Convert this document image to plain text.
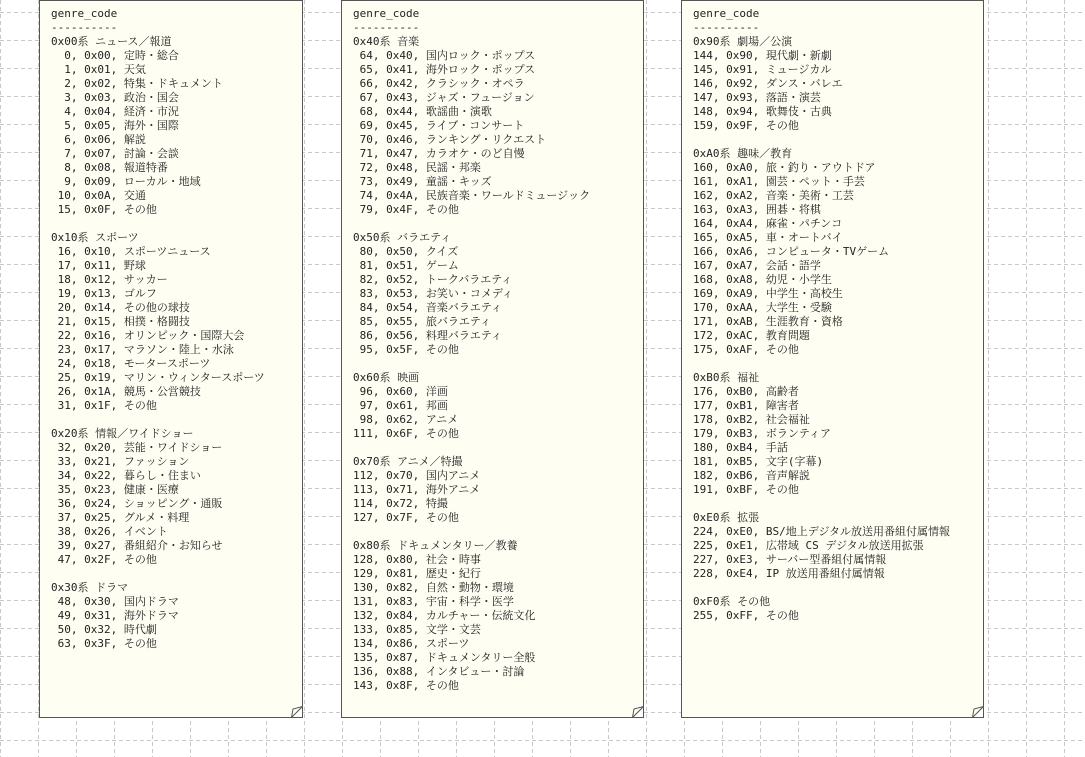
genre_code
----------
0x00系 ニュース／報道
0, 0x00, 定時・総合
1, 0x01, 天気
2, 0x02, 特集・ドキュメント
3, 0x03, 政治・国会
4, 0x04, 経済・市況
5, 0x05, 海外・国際
6, 0x06, 解説
7, 0x07, 討論・会談
8, 0x08, 報道特番
9, 0x09, ローカル・地域
10, 0x0A, 交通
15, 0x0F, その他
0x10系 スポーツ
16, 0x10, スポーツニュース
17, 0x11, 野球
18, 0x12, サッカー
19, 0x13, ゴルフ
20, 0x14, その他の球技
21, 0x15, 相撲・格闘技
22, 0x16, オリンピック・国際大会
23, 0x17, マラソン・陸上・水泳
24, 0x18, モータースポーツ
25, 0x19, マリン・ウィンタースポーツ
26, 0x1A, 競馬・公営競技
31, 0x1F, その他
0x20系 情報／ワイドショー
32, 0x20, 芸能・ワイドショー
33, 0x21, ファッション
34, 0x22, 暮らし・住まい
35, 0x23, 健康・医療
36, 0x24, ショッピング・通販
37, 0x25, グルメ・料理
38, 0x26, イベント
39, 0x27, 番組紹介・お知らせ
47, 0x2F, その他
0x30系 ドラマ
48, 0x30, 国内ドラマ
49, 0x31, 海外ドラマ
50, 0x32, 時代劇
63, 0x3F, その他
genre_code
----------
0x40系 音楽
64, 0x40, 国内ロック・ポップス
65, 0x41, 海外ロック・ポップス
66, 0x42, クラシック・オペラ
67, 0x43, ジャズ・フュージョン
68, 0x44, 歌謡曲・演歌
69, 0x45, ライブ・コンサート
70, 0x46, ランキング・リクエスト
71, 0x47, カラオケ・のど自慢
72, 0x48, 民謡・邦楽
73, 0x49, 童謡・キッズ
74, 0x4A, 民族音楽・ワールドミュージック
79, 0x4F, その他
0x50系 バラエティ
80, 0x50, クイズ
81, 0x51, ゲーム
82, 0x52, トークバラエティ
83, 0x53, お笑い・コメディ
84, 0x54, 音楽バラエティ
85, 0x55, 旅バラエティ
86, 0x56, 料理バラエティ
95, 0x5F, その他
0x60系 映画
96, 0x60, 洋画
97, 0x61, 邦画
98, 0x62, アニメ
111, 0x6F, その他
0x70系 アニメ／特撮
112, 0x70, 国内アニメ
113, 0x71, 海外アニメ
114, 0x72, 特撮
127, 0x7F, その他
0x80系 ドキュメンタリー／教養
128, 0x80, 社会・時事
129, 0x81, 歴史・紀行
130, 0x82, 自然・動物・環境
131, 0x83, 宇宙・科学・医学
132, 0x84, カルチャー・伝統文化
133, 0x85, 文学・文芸
134, 0x86, スポーツ
135, 0x87, ドキュメンタリー全般
136, 0x88, インタビュー・討論
143, 0x8F, その他
genre_code
----------
0x90系 劇場／公演
144, 0x90, 現代劇・新劇
145, 0x91, ミュージカル
146, 0x92, ダンス・バレエ
147, 0x93, 落語・演芸
148, 0x94, 歌舞伎・古典
159, 0x9F, その他
0xA0系 趣味／教育
160, 0xA0, 旅・釣り・アウトドア
161, 0xA1, 園芸・ペット・手芸
162, 0xA2, 音楽・美術・工芸
163, 0xA3, 囲碁・将棋
164, 0xA4, 麻雀・パチンコ
165, 0xA5, 車・オートバイ
166, 0xA6, コンピュータ・TVゲーム
167, 0xA7, 会話・語学
168, 0xA8, 幼児・小学生
169, 0xA9, 中学生・高校生
170, 0xAA, 大学生・受験
171, 0xAB, 生涯教育・資格
172, 0xAC, 教育問題
175, 0xAF, その他
0xB0系 福祉
176, 0xB0, 高齢者
177, 0xB1, 障害者
178, 0xB2, 社会福祉
179, 0xB3, ボランティア
180, 0xB4, 手話
181, 0xB5, 文字(字幕)
182, 0xB6, 音声解説
191, 0xBF, その他
0xE0系 拡張
224, 0xE0, BS/地上デジタル放送用番組付属情報
225, 0xE1, 広帯域 CS デジタル放送用拡張
227, 0xE3, サーバー型番組付属情報
228, 0xE4, IP 放送用番組付属情報
0xF0系 その他
255, 0xFF, その他
